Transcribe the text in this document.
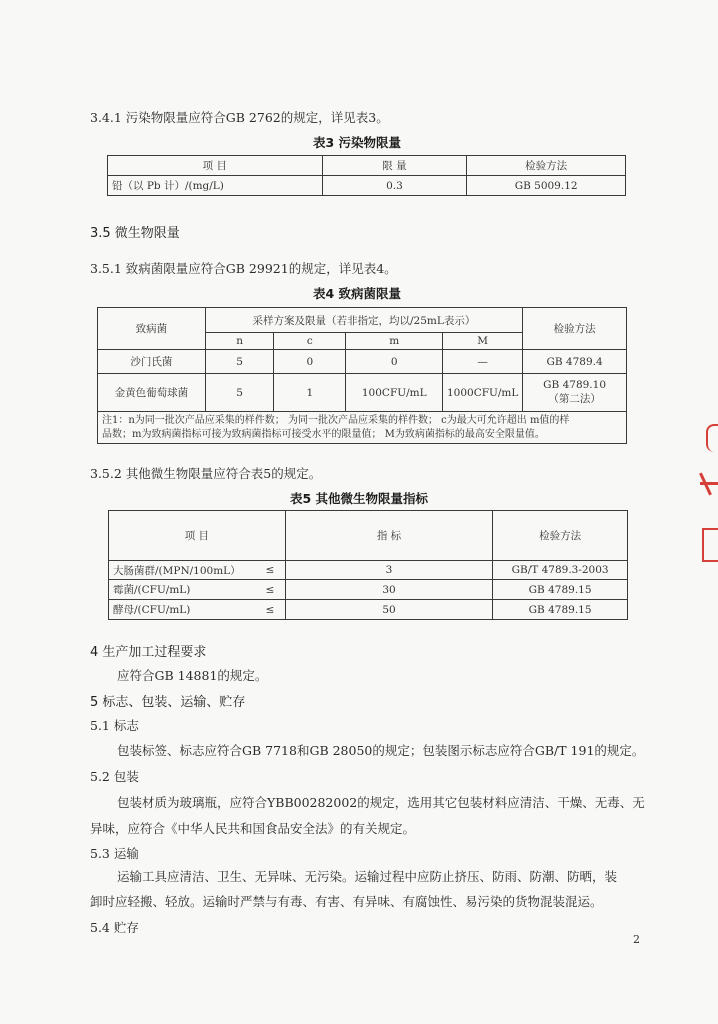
3.4.1 污染物限量应符合GB 2762的规定，详见表3。
表3 污染物限量
项 目	限 量	检验方法
铅（以 Pb 计）/(mg/L)	0.3	GB 5009.12
3.5 微生物限量
3.5.1 致病菌限量应符合GB 29921的规定，详见表4。
表4 致病菌限量
致病菌	采样方案及限量（若非指定，均以/25mL表示）				检验方法
	n	c	m	M	
沙门氏菌	5	0	0	—	GB 4789.4
金黄色葡萄球菌	5	1	100CFU/mL	1000CFU/mL	GB 4789.10
（第二法）

注1：n为同一批次产品应采集的样件数； 为同一批次产品应采集的样件数； c为最大可允许超出 m值的样
品数；m为致病菌指标可接为致病菌指标可接受水平的限量值； M为致病菌指标的最高安全限量值。					
3.5.2 其他微生物限量应符合表5的规定。
表5 其他微生物限量指标
项 目		指 标	检验方法
大肠菌群/(MPN/100mL）	≤	3	GB/T 4789.3-2003
霉菌/(CFU/mL)	≤	30	GB 4789.15
酵母/(CFU/mL)	≤	50	GB 4789.15
4 生产加工过程要求
应符合GB 14881的规定。
5 标志、包装、运输、贮存
5.1 标志
包装标签、标志应符合GB 7718和GB 28050的规定；包装图示标志应符合GB/T 191的规定。
5.2 包装
包装材质为玻璃瓶，应符合YBB00282002的规定，选用其它包装材料应清洁、干燥、无毒、无
异味，应符合《中华人民共和国食品安全法》的有关规定。
5.3 运输
运输工具应清洁、卫生、无异味、无污染。运输过程中应防止挤压、防雨、防潮、防晒，装
卸时应轻搬、轻放。运输时严禁与有毒、有害、有异味、有腐蚀性、易污染的货物混装混运。
5.4 贮存
2
